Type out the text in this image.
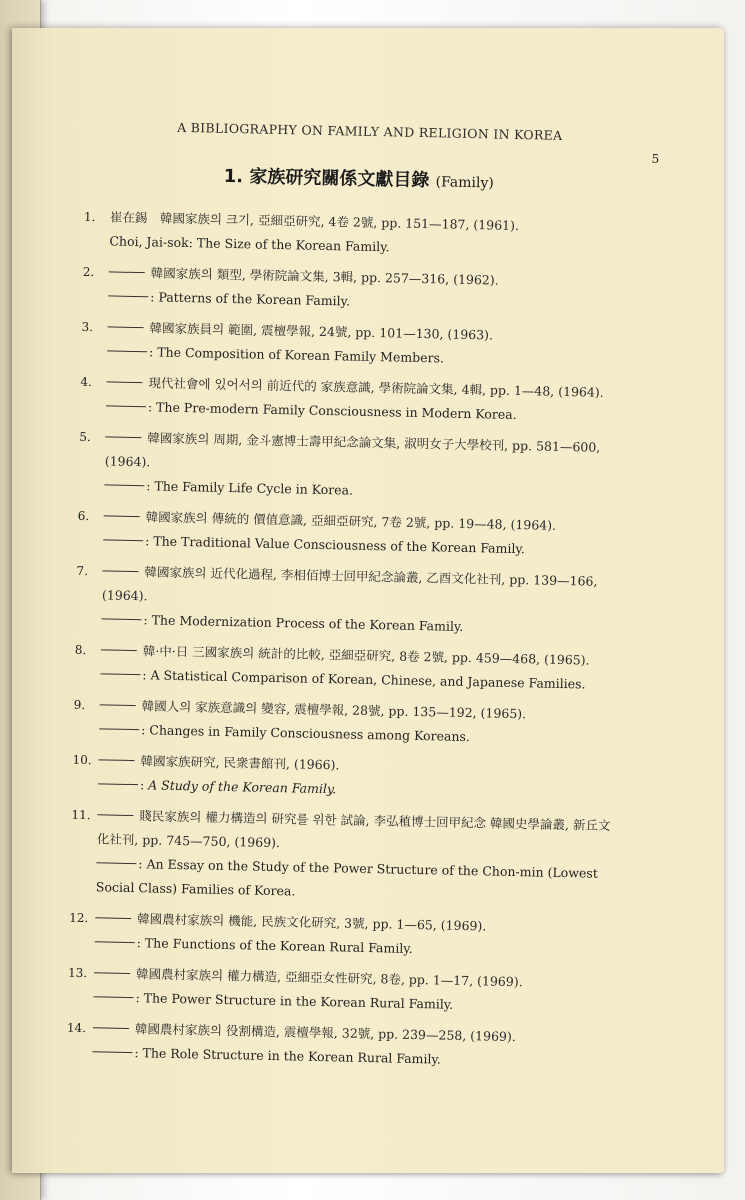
A BIBLIOGRAPHY ON FAMILY AND RELIGION IN KOREA
5
1. 家族研究關係文獻目錄 (Family)
1. 崔在錫　韓國家族의 크기, 亞細亞研究, 4卷 2號, pp. 151—187, (1961).
Choi, Jai-sok: The Size of the Korean Family.
2.	韓國家族의 類型, 學術院論文集, 3輯, pp. 257—316, (1962).
: Patterns of the Korean Family.
3.	韓國家族員의 範圍, 震檀學報, 24號, pp. 101—130, (1963).
: The Composition of Korean Family Members.
4.	現代社會에 있어서의 前近代的 家族意識, 學術院論文集, 4輯, pp. 1—48, (1964).
: The Pre-modern Family Consciousness in Modern Korea.
5.	韓國家族의 周期, 金斗憲博士壽甲紀念論文集, 淑明女子大學校刊, pp. 581—600, (1964).
: The Family Life Cycle in Korea.
6.	韓國家族의 傳統的 價值意識, 亞細亞研究, 7卷 2號, pp. 19—48, (1964).
: The Traditional Value Consciousness of the Korean Family.
7.	韓國家族의 近代化過程, 李相佰博士回甲紀念論叢, 乙酉文化社刊, pp. 139—166, (1964).
: The Modernization Process of the Korean Family.
8.	韓·中·日 三國家族의 統計的比較, 亞細亞研究, 8卷 2號, pp. 459—468, (1965).
: A Statistical Comparison of Korean, Chinese, and Japanese Families.
9.	韓國人의 家族意識의 變容, 震檀學報, 28號, pp. 135—192, (1965).
: Changes in Family Consciousness among Koreans.
10.	韓國家族研究, 民衆書館刊, (1966).
: A Study of the Korean Family.
11.	賤民家族의 權力構造의 研究를 위한 試論, 李弘稙博士回甲紀念 韓國史學論叢, 新丘文化社刊, pp. 745—750, (1969).
: An Essay on the Study of the Power Structure of the Chon-min (Lowest Social Class) Families of Korea.
12.	韓國農村家族의 機能, 民族文化研究, 3號, pp. 1—65, (1969).
: The Functions of the Korean Rural Family.
13.	韓國農村家族의 權力構造, 亞細亞女性研究, 8卷, pp. 1—17, (1969).
: The Power Structure in the Korean Rural Family.
14.	韓國農村家族의 役割構造, 震檀學報, 32號, pp. 239—258, (1969).
: The Role Structure in the Korean Rural Family.
